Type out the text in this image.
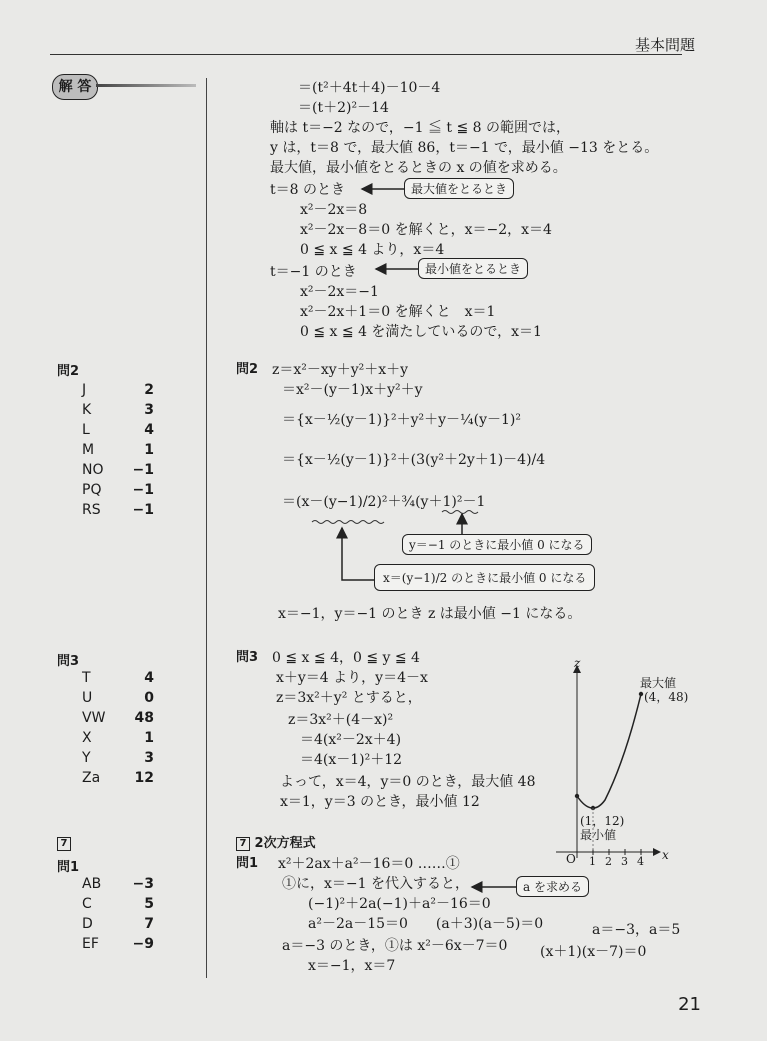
基本問題
解 答
問2
J	2
K	3
L	4
M	1
NO −1
PQ −1
RS −1
問3
T	4
U	0
VW 48
X	1
Y	3
Za 12
7
問1
AB −3
C	5
D	7
EF −9
＝(t²＋4t＋4)－10－4
＝(t＋2)²－14
軸は t＝−2 なので，−1 ≦ t ≦ 8 の範囲では，
y は，t＝8 で，最大値 86，t＝−1 で，最小値 −13 をとる。
最大値，最小値をとるときの x の値を求める。
t＝8 のとき	最大値をとるとき
x²－2x＝8
x²－2x－8＝0 を解くと，x＝−2，x＝4
0 ≦ x ≦ 4 より，x＝4
t＝−1 のとき	最小値をとるとき
x²－2x＝−1
x²－2x＋1＝0 を解くと　x＝1
0 ≦ x ≦ 4 を満たしているので，x＝1
問2 z＝x²－xy＋y²＋x＋y
＝x²－(y－1)x＋y²＋y
＝{x－½(y－1)}²＋y²＋y－¼(y－1)²
＝{x－½(y－1)}²＋(3(y²＋2y＋1)－4)/4
＝(x－(y−1)/2)²＋¾(y＋1)²－1
y＝−1 のときに最小値 0 になる
x＝(y−1)/2 のときに最小値 0 になる
x＝−1，y＝−1 のとき z は最小値 −1 になる。
問3 0 ≦ x ≦ 4，0 ≦ y ≦ 4
x＋y＝4 より，y＝4－x
z＝3x²＋y² とすると，
z＝3x²＋(4－x)²
＝4(x²－2x＋4)
＝4(x－1)²＋12
よって，x＝4，y＝0 のとき，最大値 48
x＝1，y＝3 のとき，最小値 12
z
x
O 1 2 3 4
最大値
(4，48)
(1，12)
最小値
7 2次方程式
問1 x²＋2ax＋a²－16＝0 ……①
①に，x＝−1 を代入すると，	a を求める
(−1)²＋2a(−1)＋a²－16＝0
a²－2a－15＝0　　(a＋3)(a－5)＝0	a＝−3，a＝5
a＝−3 のとき，①は x²－6x－7＝0 (x＋1)(x－7)＝0
x＝−1，x＝7
21
